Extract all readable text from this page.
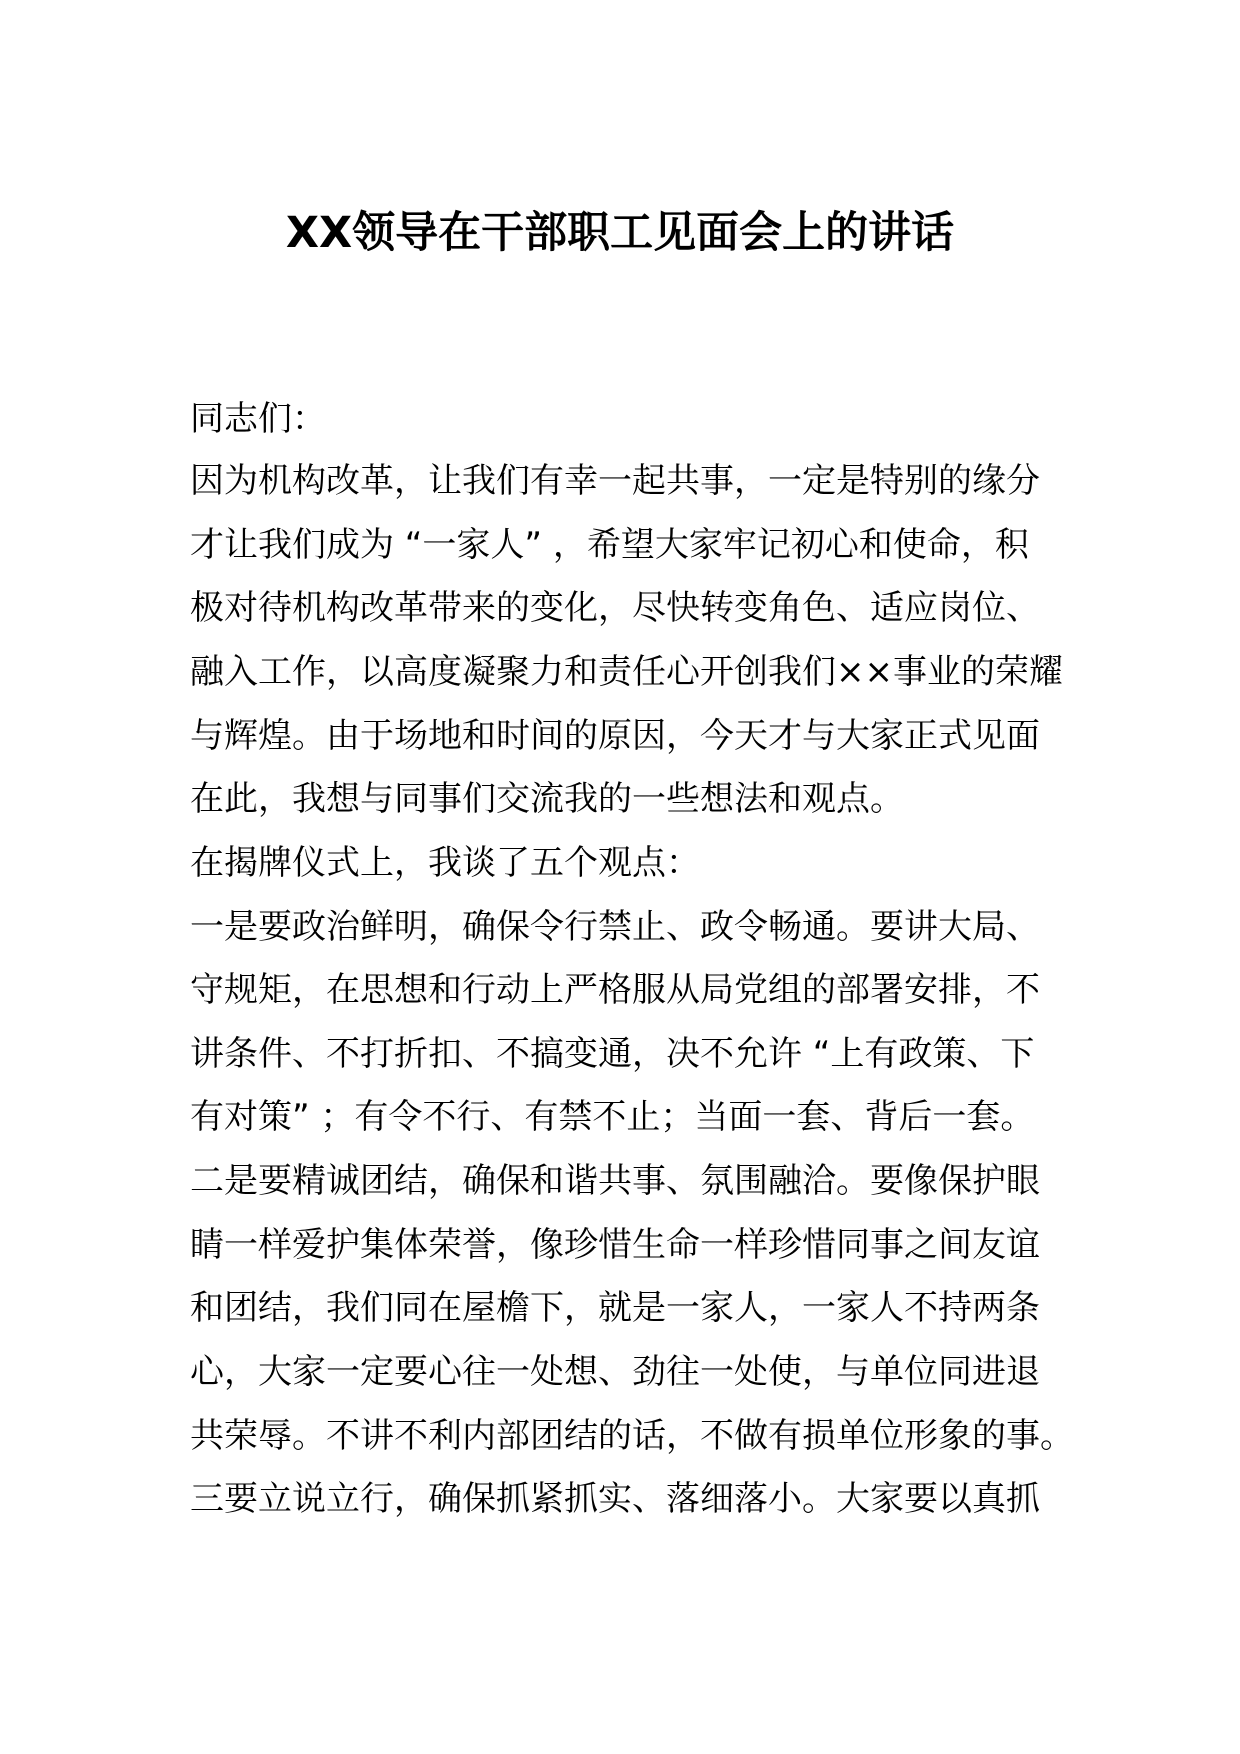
XX领导在干部职工见面会上的讲话

同志们：

因为机构改革，让我们有幸一起共事，一定是特别的缘分

才让我们成为 “一家人” ，希望大家牢记初心和使命，积

极对待机构改革带来的变化，尽快转变角色、适应岗位、

融入工作，以高度凝聚力和责任心开创我们××事业的荣耀

与辉煌。由于场地和时间的原因，今天才与大家正式见面

在此，我想与同事们交流我的一些想法和观点。

在揭牌仪式上，我谈了五个观点：

一是要政治鲜明，确保令行禁止、政令畅通。要讲大局、

守规矩，在思想和行动上严格服从局党组的部署安排，不

讲条件、不打折扣、不搞变通，决不允许 “上有政策、下

有对策” ；有令不行、有禁不止；当面一套、背后一套。

二是要精诚团结，确保和谐共事、氛围融洽。要像保护眼

睛一样爱护集体荣誉，像珍惜生命一样珍惜同事之间友谊

和团结，我们同在屋檐下，就是一家人，一家人不持两条

心，大家一定要心往一处想、劲往一处使，与单位同进退

共荣辱。不讲不利内部团结的话，不做有损单位形象的事。

三要立说立行，确保抓紧抓实、落细落小。大家要以真抓
